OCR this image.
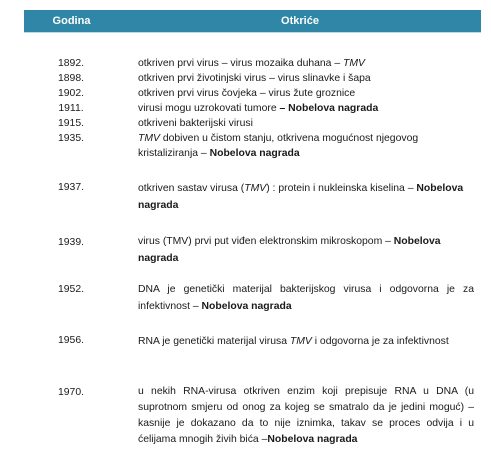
Godina	Otkriće
1892.	otkriven prvi virus – virus mozaika duhana – TMV
1898.	otkriven prvi životinjski virus – virus slinavke i šapa
1902.	otkriven prvi virus čovjeka – virus žute groznice
1911.	virusi mogu uzrokovati tumore – Nobelova nagrada
1915.	otkriveni bakterijski virusi
1935.	TMV dobiven u čistom stanju, otkrivena mogućnost njegovog kristaliziranja – Nobelova nagrada
1937.	otkriven sastav virusa (TMV) : protein i nukleinska kiselina – Nobelova nagrada
1939.	virus (TMV) prvi put viđen elektronskim mikroskopom – Nobelova nagrada
1952.	DNA je genetički materijal bakterijskog virusa i odgovorna je za infektivnost – Nobelova nagrada
1956.	RNA je genetički materijal virusa TMV i odgovorna je za infektivnost
1970.	u nekih RNA-virusa otkriven enzim koji prepisuje RNA u DNA (u suprotnom smjeru od onog za kojeg se smatralo da je jedini moguć) – kasnije je dokazano da to nije iznimka, takav se proces odvija i u ćelijama mnogih živih bića –Nobelova nagrada
